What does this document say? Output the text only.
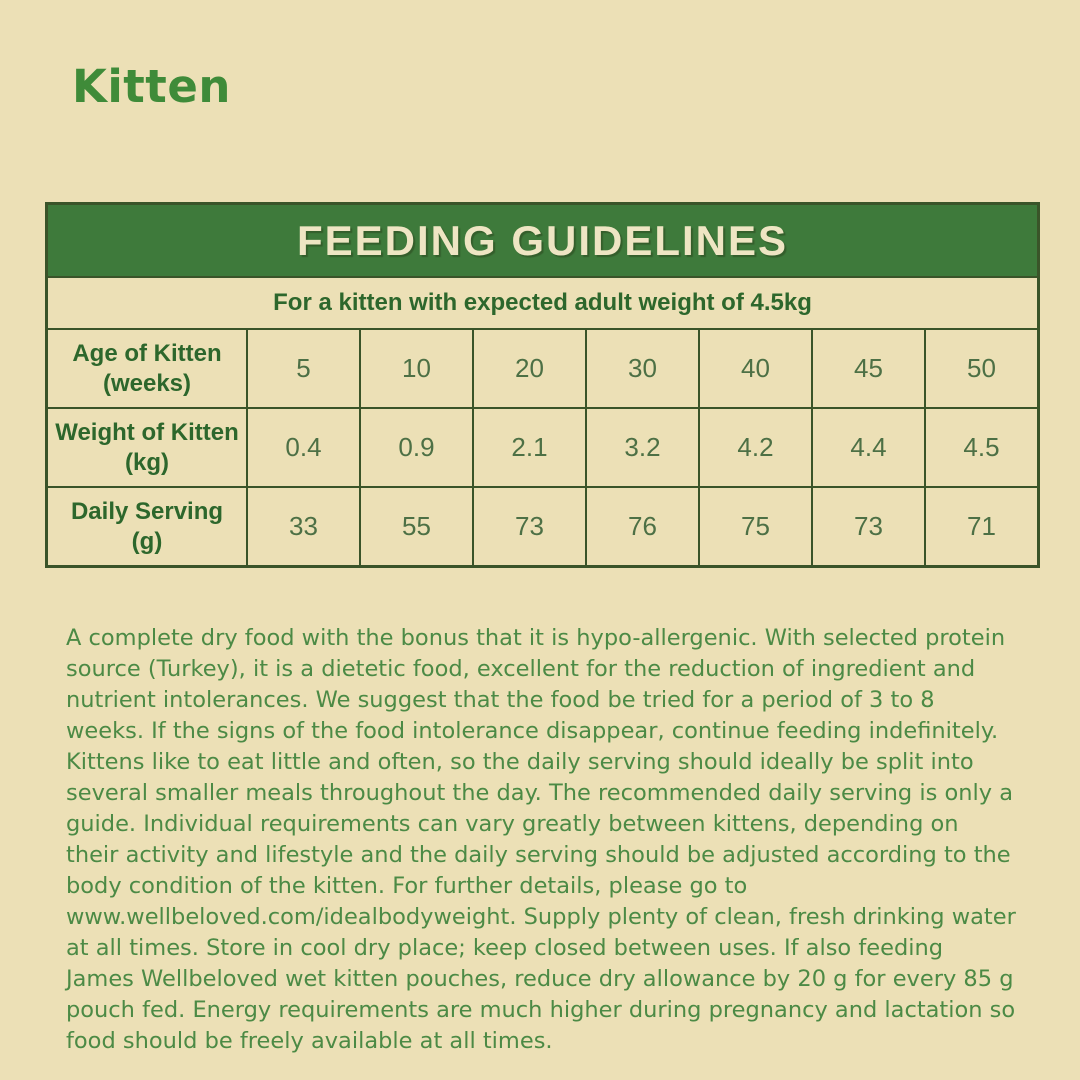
Kitten
FEEDING GUIDELINES
For a kitten with expected adult weight of 4.5kg
Age of Kitten
(weeks)	5	10	20	30	40	45	50
Weight of Kitten
(kg)	0.4	0.9	2.1	3.2	4.2	4.4	4.5
Daily Serving
(g)	33	55	73	76	75	73	71

A complete dry food with the bonus that it is hypo-allergenic. With selected protein source (Turkey), it is a dietetic food, excellent for the reduction of ingredient and nutrient intolerances. We suggest that the food be tried for a period of 3 to 8 weeks. If the signs of the food intolerance disappear, continue feeding indefinitely. Kittens like to eat little and often, so the daily serving should ideally be split into several smaller meals throughout the day. The recommended daily serving is only a guide. Individual requirements can vary greatly between kittens, depending on their activity and lifestyle and the daily serving should be adjusted according to the body condition of the kitten. For further details, please go to www.wellbeloved.com/idealbodyweight. Supply plenty of clean, fresh drinking water at all times. Store in cool dry place; keep closed between uses. If also feeding James Wellbeloved wet kitten pouches, reduce dry allowance by 20 g for every 85 g pouch fed. Energy requirements are much higher during pregnancy and lactation so food should be freely available at all times.
